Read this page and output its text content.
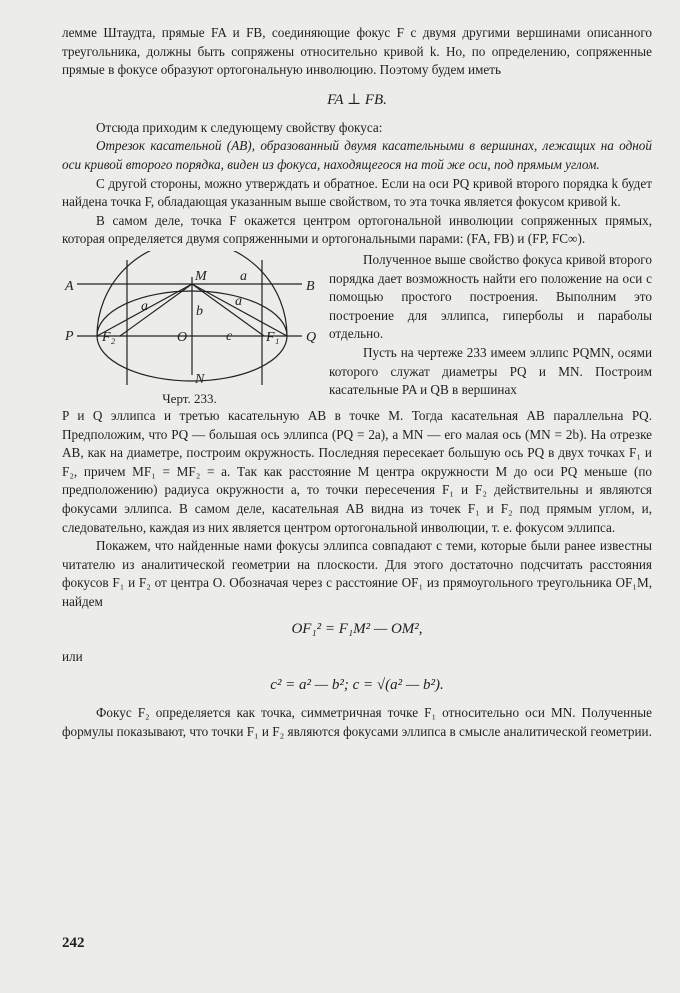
лемме Штаудта, прямые FA и FB, соединяющие фокус F с двумя другими вершинами описанного треугольника, должны быть сопряжены относительно кривой k. Но, по определению, сопряженные прямые в фокусе образуют ортогональную инволюцию. Поэтому будем иметь

FA ⊥ FB.

Отсюда приходим к следующему свойству фокуса:

Отрезок касательной (AB), образованный двумя касательными в вершинах, лежащих на одной оси кривой второго порядка, виден из фокуса, находящегося на той же оси, под прямым углом.

С другой стороны, можно утверждать и обратное. Если на оси PQ кривой второго порядка k будет найдена точка F, обладающая указанным выше свойством, то эта точка является фокусом кривой k.

В самом деле, точка F окажется центром ортогональной инволюции сопряженных прямых, которая определяется двумя сопряженными и ортогональными парами: (FA, FB) и (FP, FC∞).

A	B
M a
a	a
b
P F₂	O	c F₁ Q
N
Черт. 233.

Полученное выше свойство фокуса кривой второго порядка дает возможность найти его положение на оси с помощью простого построения. Выполним это построение для эллипса, гиперболы и параболы отдельно.

Пусть на чертеже 233 имеем эллипс PQMN, осями которого служат диаметры PQ и MN. Построим касательные PA и QB в вершинах

P и Q эллипса и третью касательную AB в точке M. Тогда касательная AB параллельна PQ. Предположим, что PQ — большая ось эллипса (PQ = 2a), а MN — его малая ось (MN = 2b). На отрезке AB, как на диаметре, построим окружность. Последняя пересекает большую ось PQ в двух точках F₁ и F₂, причем MF₁ = MF₂ = a. Так как расстояние M центра окружности M до оси PQ меньше (по предположению) радиуса окружности a, то точки пересечения F₁ и F₂ действительны и являются фокусами эллипса. В самом деле, касательная AB видна из точек F₁ и F₂ под прямым углом, и, следовательно, каждая из них является центром ортогональной инволюции, т. е. фокусом эллипса.

Покажем, что найденные нами фокусы эллипса совпадают с теми, которые были ранее известны читателю из аналитической геометрии на плоскости. Для этого достаточно подсчитать расстояния фокусов F₁ и F₂ от центра O. Обозначая через c расстояние OF₁ из прямоугольного треугольника OF₁M, найдем

OF₁² = F₁M² — OM²,

или

c² = a² — b²; c = √(a² — b²).

Фокус F₂ определяется как точка, симметричная точке F₁ относительно оси MN. Полученные формулы показывают, что точки F₁ и F₂ являются фокусами эллипса в смысле аналитической геометрии.

242
